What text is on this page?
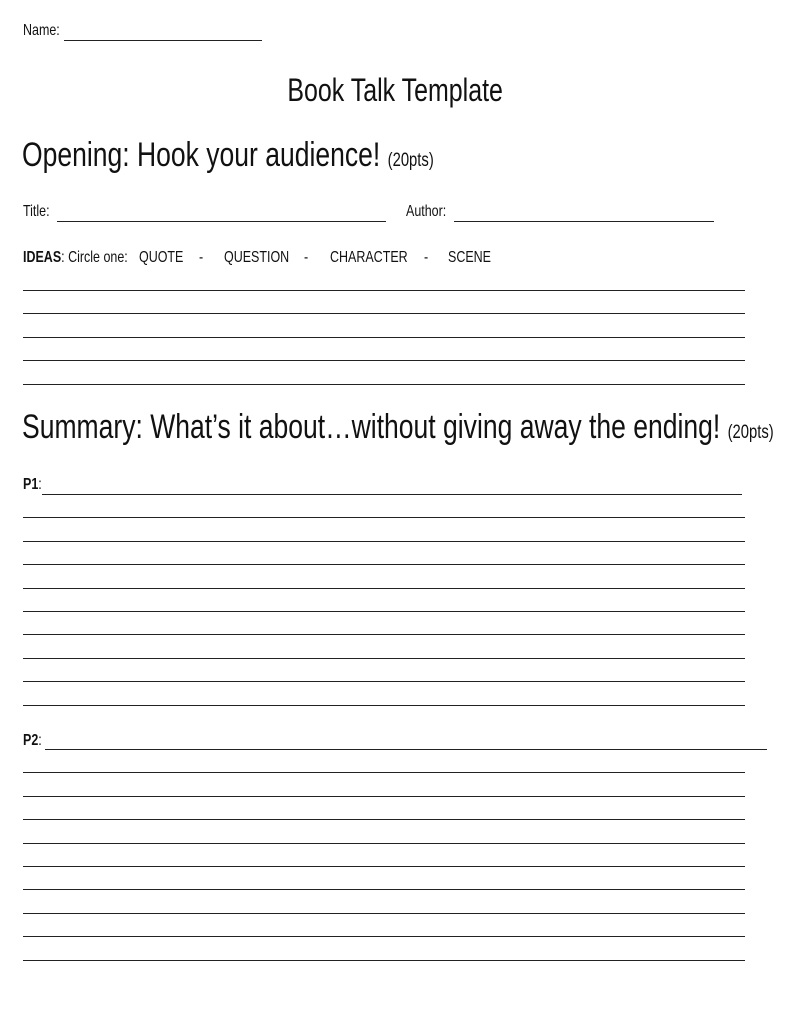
Name:
Book Talk Template
Opening: Hook your audience! (20pts)
Title:	Author:
IDEAS: Circle one: QUOTE - QUESTION - CHARACTER	- SCENE
Summary: What’s it about…without giving away the ending! (20pts)
P1:
P2:
